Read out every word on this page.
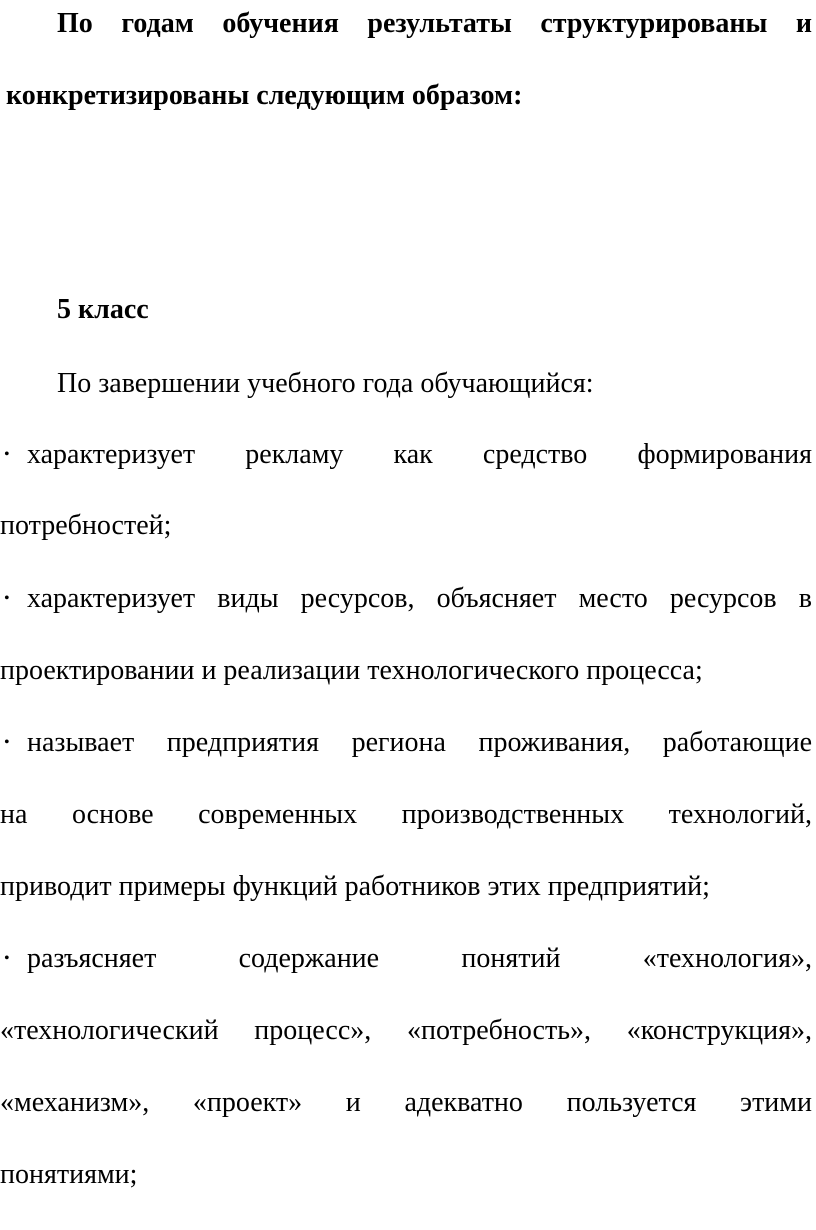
По годам обучения результаты структурированы и
конкретизированы следующим образом:
5 класс
По завершении учебного года обучающийся:
• характеризует рекламу как средство формирования
потребностей;
• характеризует виды ресурсов, объясняет место ресурсов в
проектировании и реализации технологического процесса;
• называет предприятия региона проживания, работающие
на основе современных производственных технологий,
приводит примеры функций работников этих предприятий;
• разъясняет содержание понятий «технология»,
«технологический процесс», «потребность», «конструкция»,
«механизм», «проект» и адекватно пользуется этими
понятиями;
